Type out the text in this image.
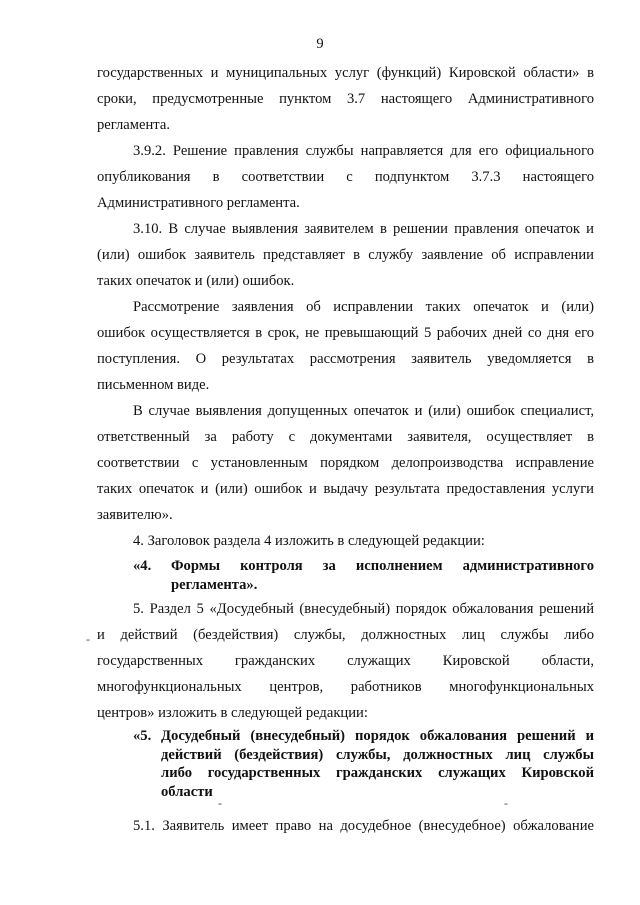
9
государственных и муниципальных услуг (функций) Кировской области» в
сроки, предусмотренные пунктом 3.7 настоящего Административного
регламента.
3.9.2. Решение правления службы направляется для его официального
опубликования в соответствии с подпунктом 3.7.3 настоящего
Административного регламента.
3.10. В случае выявления заявителем в решении правления опечаток и
(или) ошибок заявитель представляет в службу заявление об исправлении
таких опечаток и (или) ошибок.
Рассмотрение заявления об исправлении таких опечаток и (или)
ошибок осуществляется в срок, не превышающий 5 рабочих дней со дня его
поступления. О результатах рассмотрения заявитель уведомляется в
письменном виде.
В случае выявления допущенных опечаток и (или) ошибок специалист,
ответственный за работу с документами заявителя, осуществляет в
соответствии с установленным порядком делопроизводства исправление
таких опечаток и (или) ошибок и выдачу результата предоставления услуги
заявителю».
4. Заголовок раздела 4 изложить в следующей редакции:
«4. Формы контроля за исполнением административного
регламента».
5. Раздел 5 «Досудебный (внесудебный) порядок обжалования решений
и действий (бездействия) службы, должностных лиц службы либо
государственных гражданских служащих Кировской области,
многофункциональных центров, работников многофункциональных
центров» изложить в следующей редакции:
-
«5. Досудебный (внесудебный) порядок обжалования решений и
действий (бездействия) службы, должностных лиц службы
либо государственных гражданских служащих Кировской
области
-	-
5.1. Заявитель имеет право на досудебное (внесудебное) обжалование
